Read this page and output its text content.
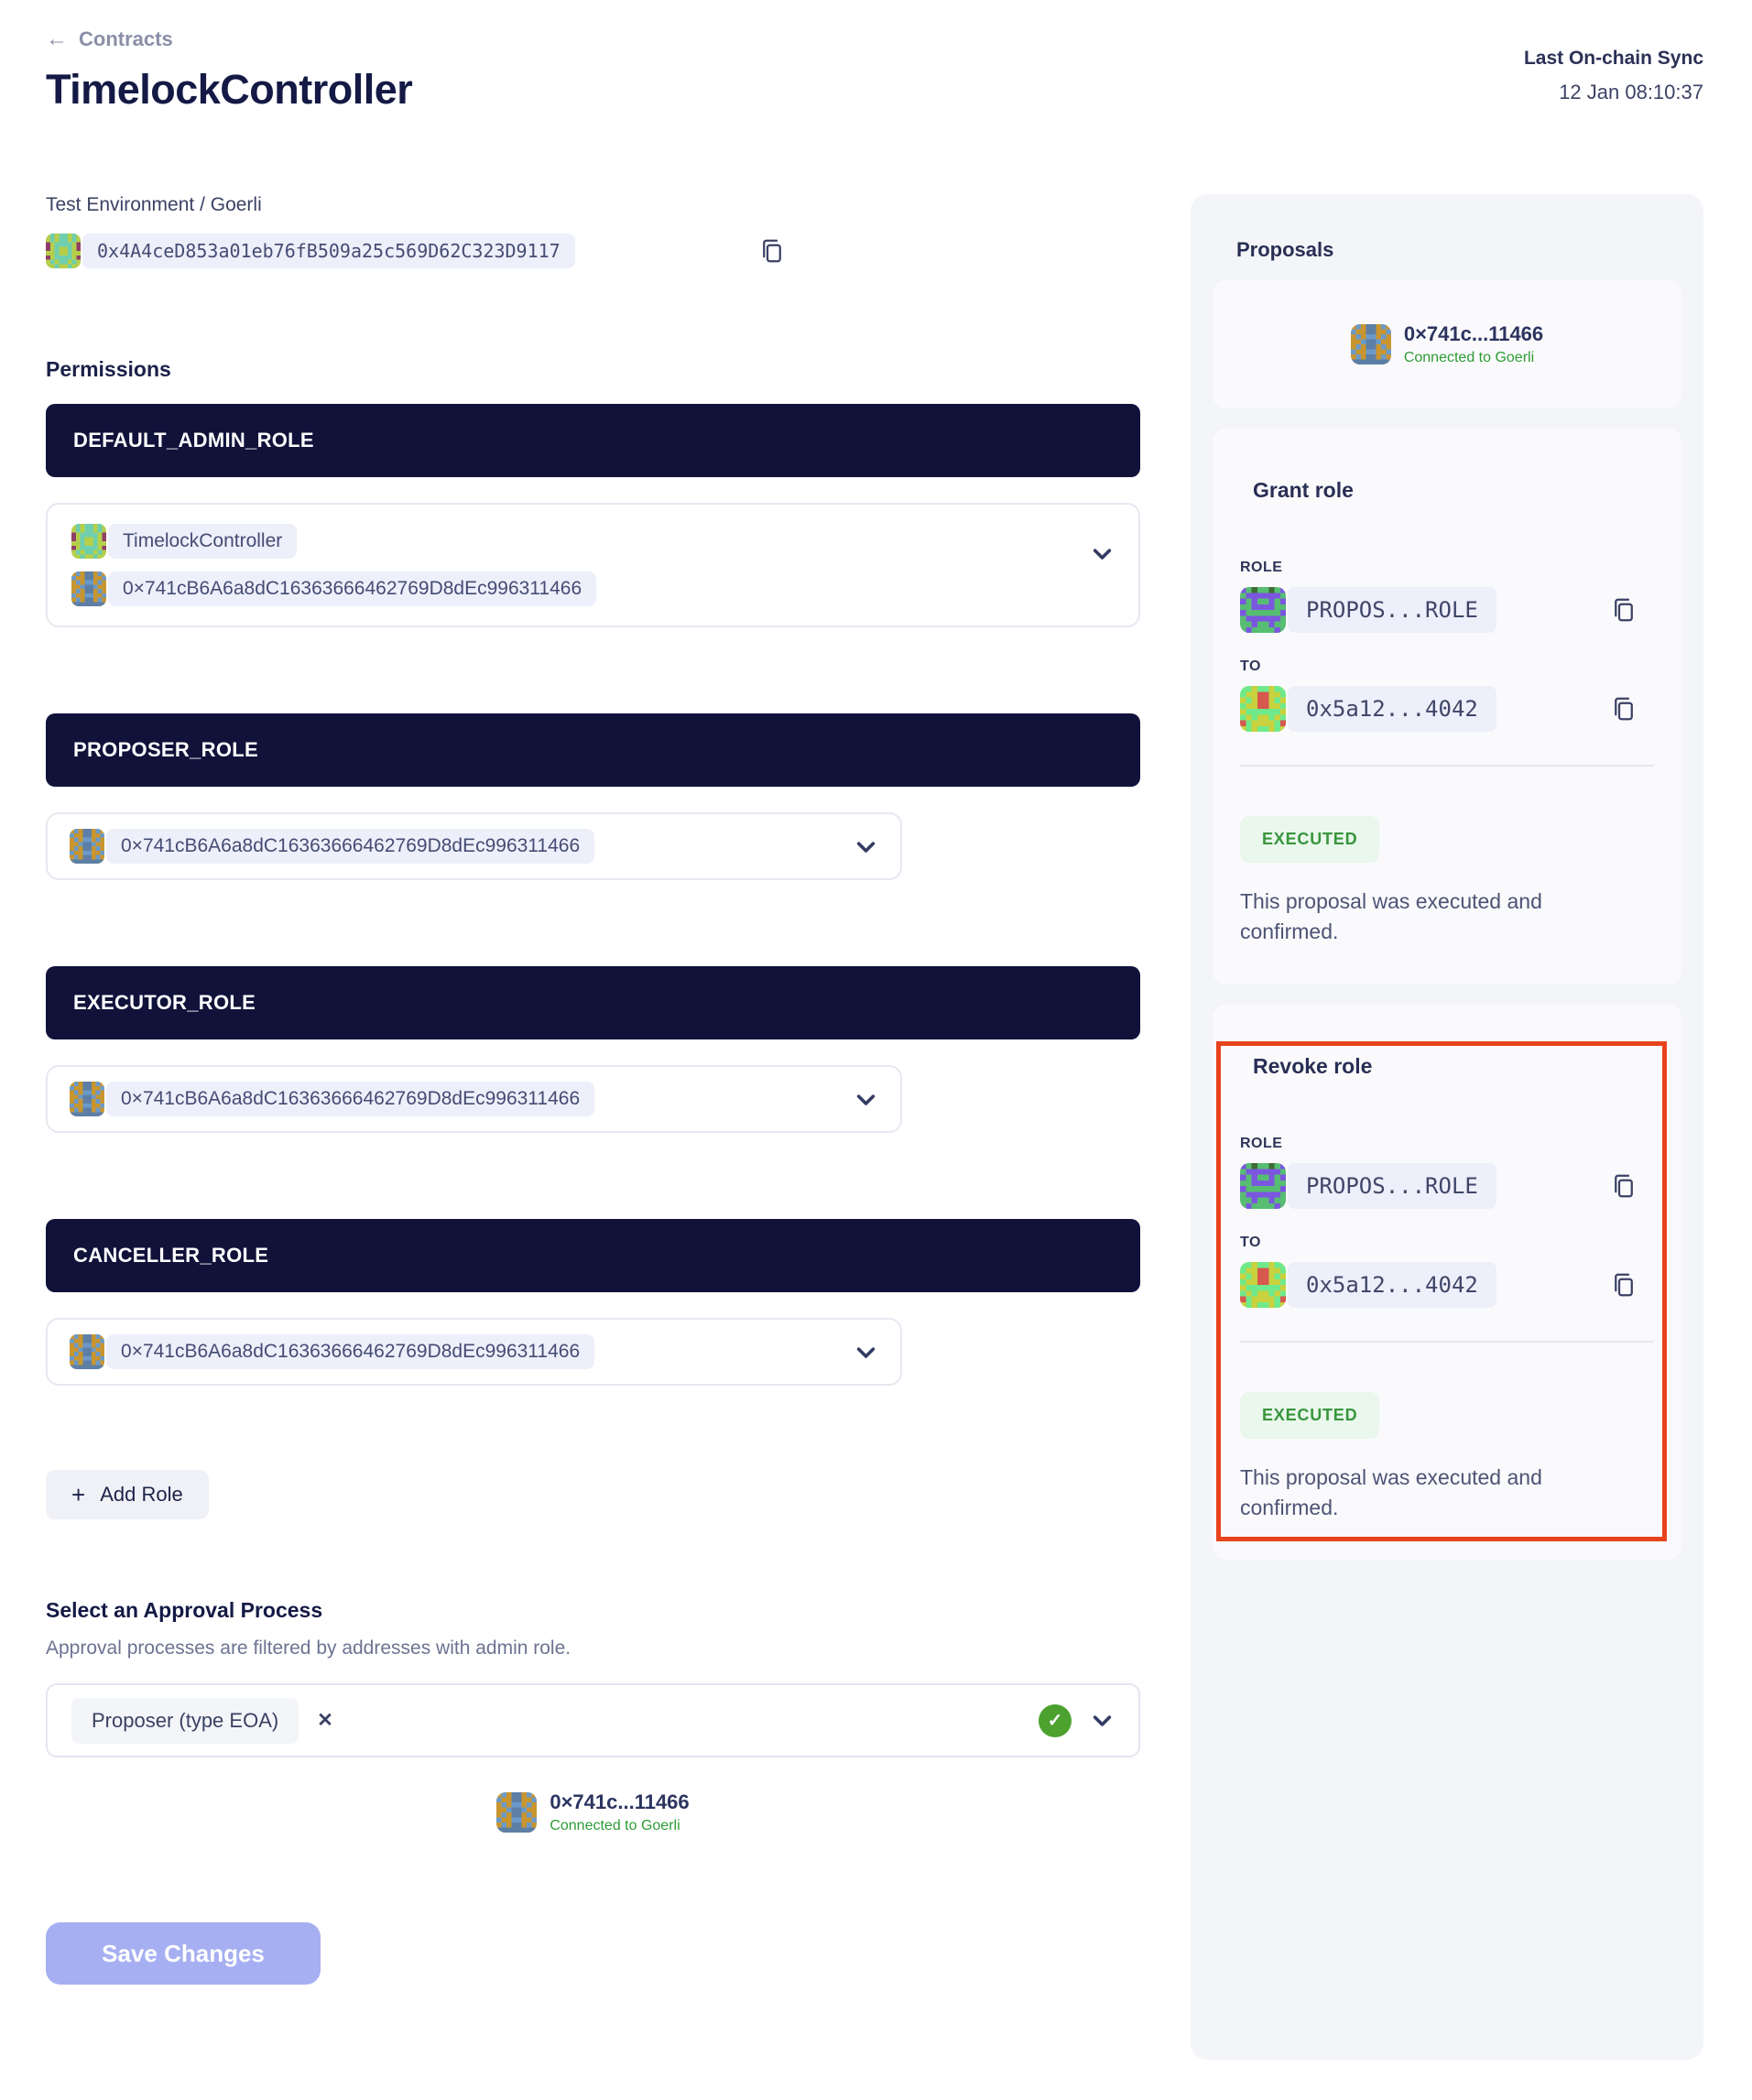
← Contracts
TimelockController
Last On-chain Sync
12 Jan 08:10:37
Test Environment / Goerli
0x4A4ceD853a01eb76fB509a25c569D62C323D9117
Permissions
DEFAULT_ADMIN_ROLE
TimelockController
0×741cB6A6a8dC16363666462769D8dEc996311466
PROPOSER_ROLE
0×741cB6A6a8dC16363666462769D8dEc996311466
EXECUTOR_ROLE
0×741cB6A6a8dC16363666462769D8dEc996311466
CANCELLER_ROLE
0×741cB6A6a8dC16363666462769D8dEc996311466
+ Add Role
Select an Approval Process
Approval processes are filtered by addresses with admin role.
Proposer (type EOA)	✕	✓
0×741c...11466
Connected to Goerli
Save Changes
Proposals
0×741c...11466
Connected to Goerli
Grant role
ROLE
PROPOS...ROLE
TO
0x5a12...4042
EXECUTED
This proposal was executed and confirmed.
Revoke role
ROLE
PROPOS...ROLE
TO
0x5a12...4042
EXECUTED
This proposal was executed and confirmed.
